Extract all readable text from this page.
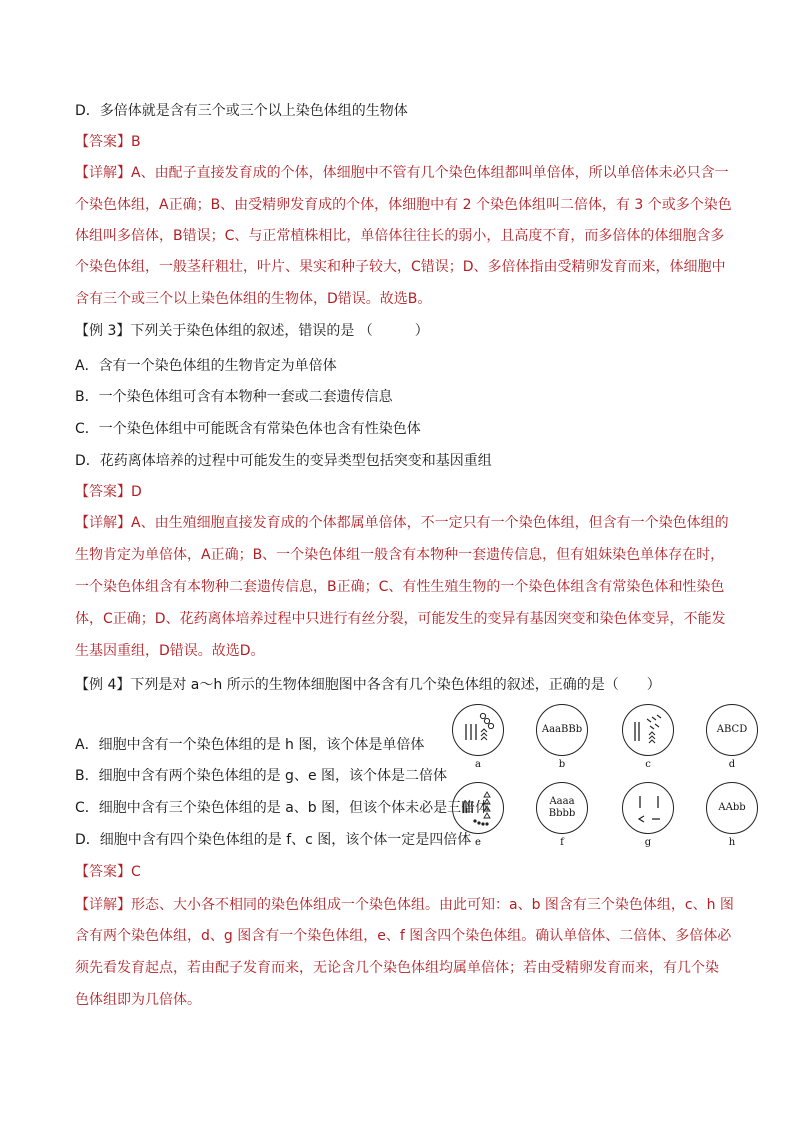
D．多倍体就是含有三个或三个以上染色体组的生物体
【答案】B
【详解】A、由配子直接发育成的个体，体细胞中不管有几个染色体组都叫单倍体，所以单倍体未必只含一
个染色体组，A正确；B、由受精卵发育成的个体，体细胞中有 2 个染色体组叫二倍体，有 3 个或多个染色
体组叫多倍体，B错误；C、与正常植株相比，单倍体往往长的弱小，且高度不育，而多倍体的体细胞含多
个染色体组，一般茎秆粗壮，叶片、果实和种子较大，C错误；D、多倍体指由受精卵发育而来，体细胞中
含有三个或三个以上染色体组的生物体，D错误。故选B。
【例 3】下列关于染色体组的叙述，错误的是 （　　　）
A．含有一个染色体组的生物肯定为单倍体
B．一个染色体组可含有本物种一套或二套遗传信息
C．一个染色体组中可能既含有常染色体也含有性染色体
D．花药离体培养的过程中可能发生的变异类型包括突变和基因重组
【答案】D
【详解】A、由生殖细胞直接发育成的个体都属单倍体，不一定只有一个染色体组，但含有一个染色体组的
生物肯定为单倍体，A正确；B、一个染色体组一般含有本物种一套遗传信息，但有姐妹染色单体存在时，
一个染色体组含有本物种二套遗传信息，B正确；C、有性生殖生物的一个染色体组含有常染色体和性染色
体，C正确；D、花药离体培养过程中只进行有丝分裂，可能发生的变异有基因突变和染色体变异，不能发
生基因重组，D错误。故选D。
【例 4】下列是对 a～h 所示的生物体细胞图中各含有几个染色体组的叙述，正确的是（　　）
A．细胞中含有一个染色体组的是 h 图，该个体是单倍体
B．细胞中含有两个染色体组的是 g、e 图，该个体是二倍体
C．细胞中含有三个染色体组的是 a、b 图，但该个体未必是三倍体
D．细胞中含有四个染色体组的是 f、c 图，该个体一定是四倍体
【答案】C
【详解】形态、大小各不相同的染色体组成一个染色体组。由此可知：a、b 图含有三个染色体组，c、h 图
含有两个染色体组，d、g 图含有一个染色体组，e、f 图含四个染色体组。确认单倍体、二倍体、多倍体必
须先看发育起点，若由配子发育而来，无论含几个染色体组均属单倍体；若由受精卵发育而来，有几个染
色体组即为几倍体。
AaaBBb	ABCD
a	b	c	d
Aaaa
Bbbb
AAbb
e	f	g	h
